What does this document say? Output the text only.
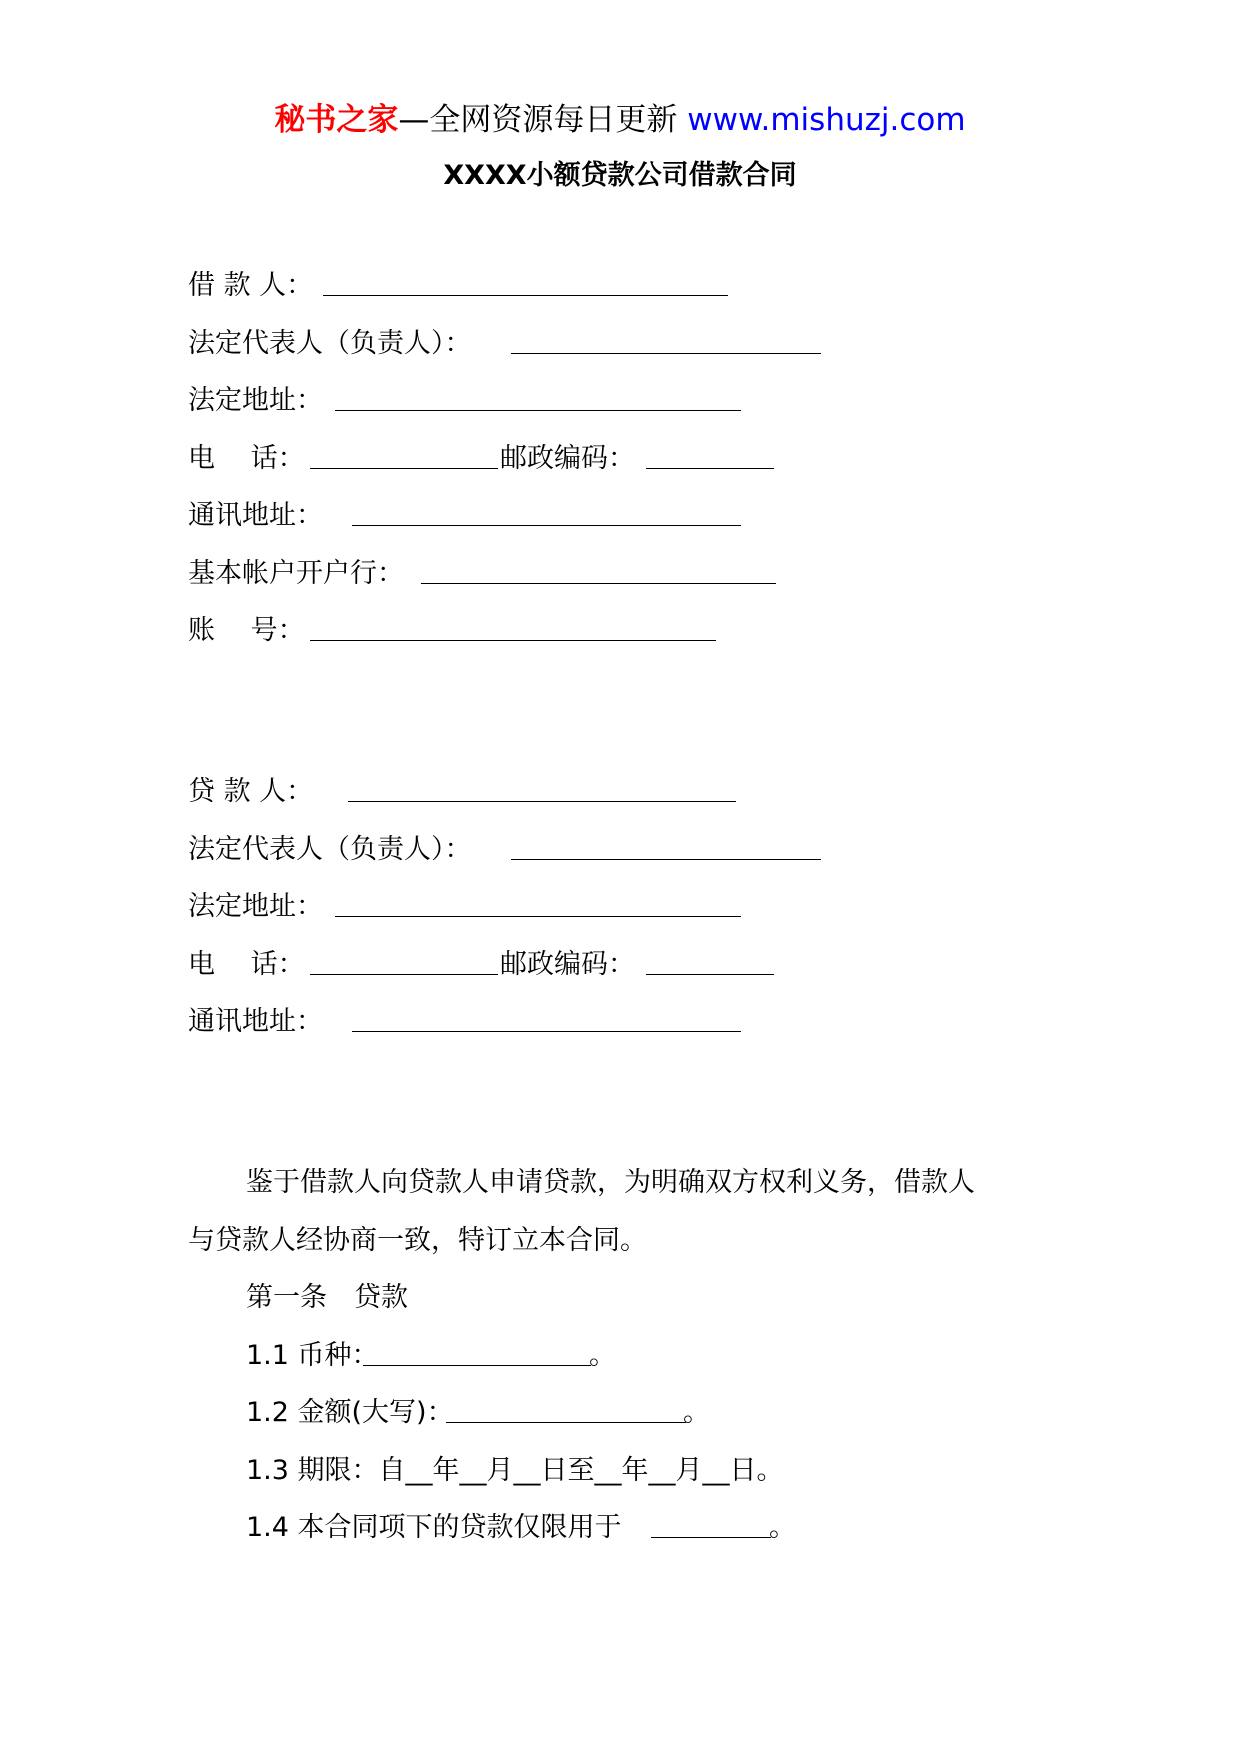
秘书之家—全网资源每日更新 www.mishuzj.com
XXXX小额贷款公司借款合同
借 款 人：
法定代表人（负责人）：
法定地址：
电　 话：	邮政编码：
通讯地址：
基本帐户开户行：
账　 号：
贷 款 人：
法定代表人（负责人）：
法定地址：
电　 话：	邮政编码：
通讯地址：
鉴于借款人向贷款人申请贷款，为明确双方权利义务，借款人
与贷款人经协商一致，特订立本合同。
第一条　贷款
1.1 币种：	。
1.2 金额(大写)：	。
1.3 期限：自__年__月__日至__年__月__日。
1.4 本合同项下的贷款仅限用于	。
